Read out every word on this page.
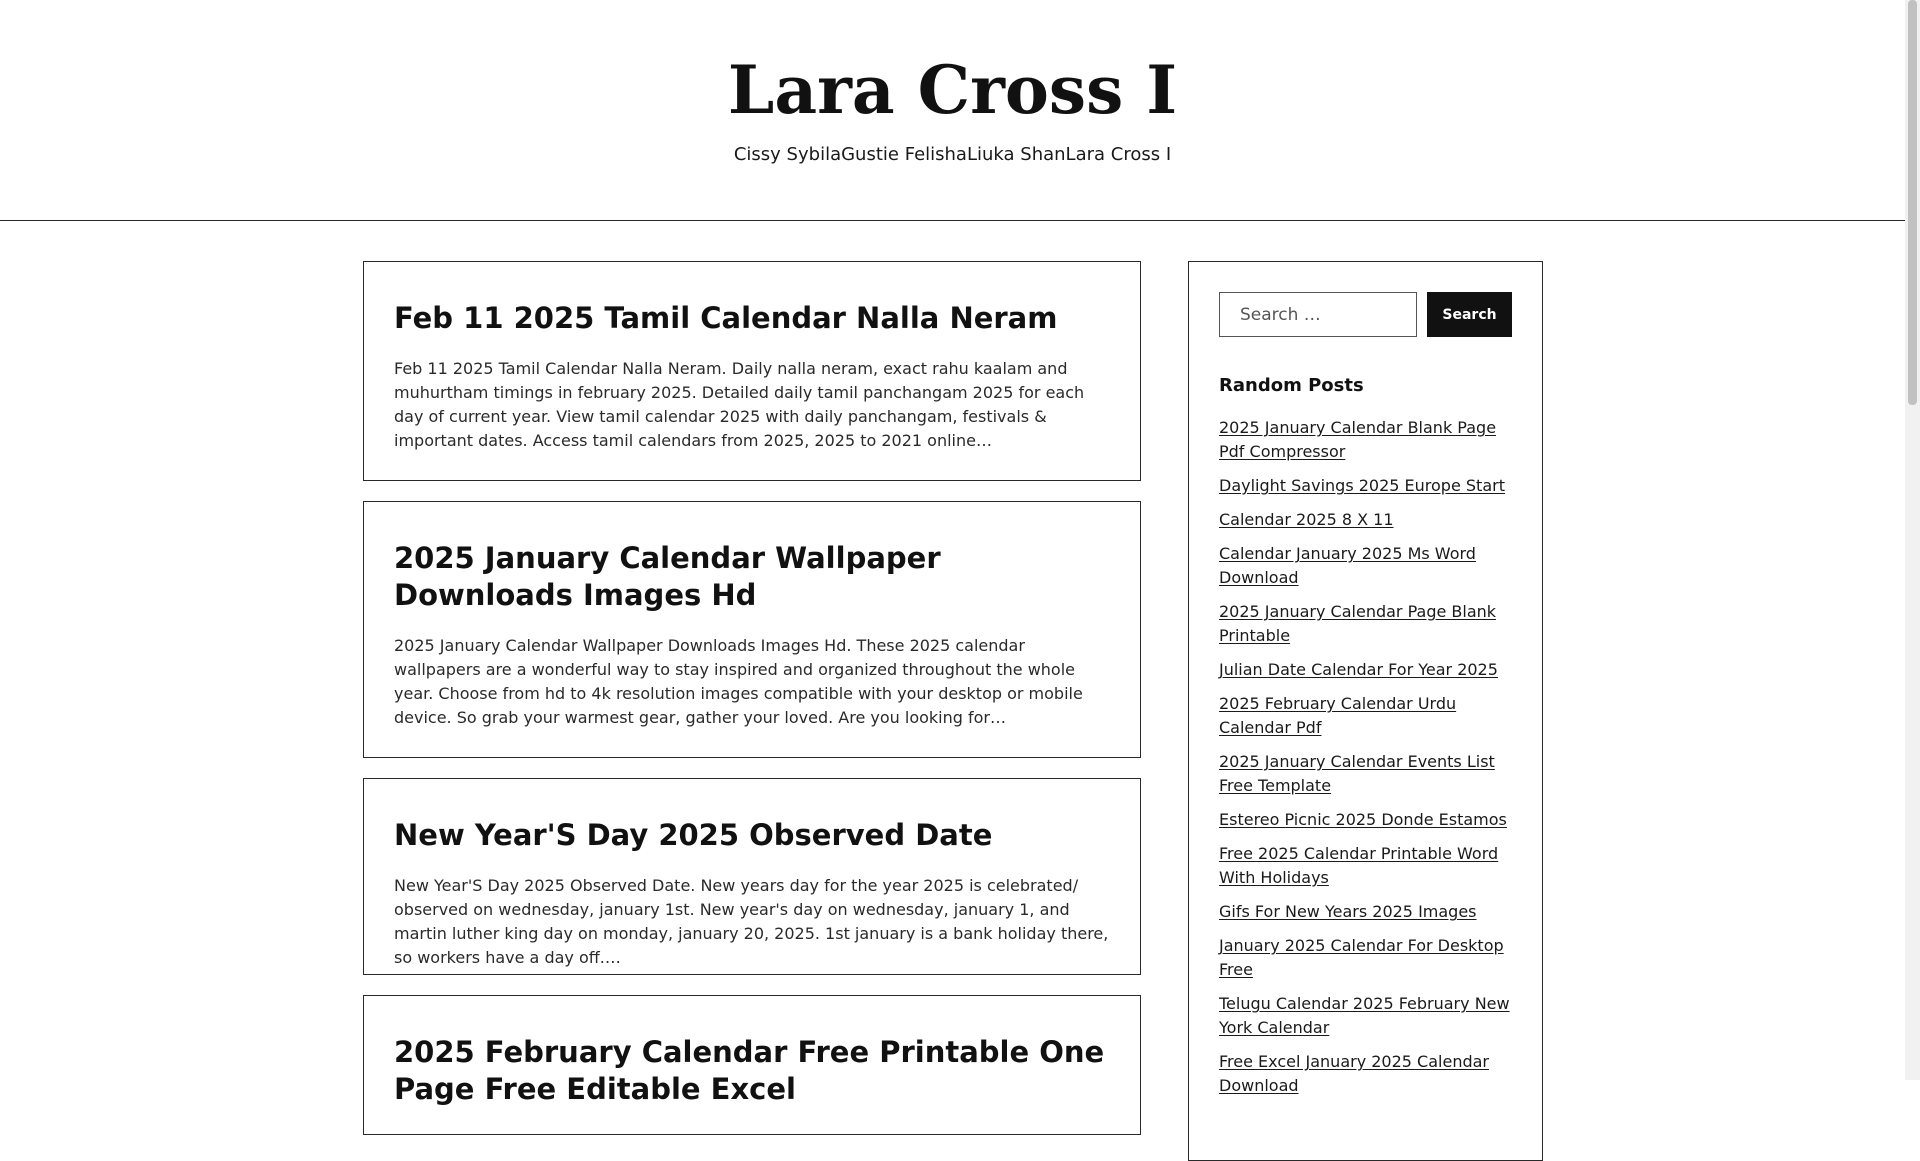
Lara Cross I
Cissy Sybila Gustie Felisha Liuka Shan Lara Cross I
Feb 11 2025 Tamil Calendar Nalla Neram

Feb 11 2025 Tamil Calendar Nalla Neram. Daily nalla neram, exact rahu kaalam and muhurtham timings in february 2025. Detailed daily tamil panchangam 2025 for each day of current year. View tamil calendar 2025 with daily panchangam, festivals & important dates. Access tamil calendars from 2025, 2025 to 2021 online…

2025 January Calendar Wallpaper Downloads Images Hd

2025 January Calendar Wallpaper Downloads Images Hd. These 2025 calendar wallpapers are a wonderful way to stay inspired and organized throughout the whole year. Choose from hd to 4k resolution images compatible with your desktop or mobile device. So grab your warmest gear, gather your loved. Are you looking for…

New Year'S Day 2025 Observed Date

New Year'S Day 2025 Observed Date. New years day for the year 2025 is celebrated/ observed on wednesday, january 1st. New year's day on wednesday, january 1, and martin luther king day on monday, january 20, 2025. 1st january is a bank holiday there, so workers have a day off.…

2025 February Calendar Free Printable One Page Free Editable Excel

Search …
Search
Random Posts
2025 January Calendar Blank Page Pdf Compressor
Daylight Savings 2025 Europe Start
Calendar 2025 8 X 11
Calendar January 2025 Ms Word Download
2025 January Calendar Page Blank Printable
Julian Date Calendar For Year 2025
2025 February Calendar Urdu Calendar Pdf
2025 January Calendar Events List Free Template
Estereo Picnic 2025 Donde Estamos
Free 2025 Calendar Printable Word With Holidays
Gifs For New Years 2025 Images
January 2025 Calendar For Desktop Free
Telugu Calendar 2025 February New York Calendar
Free Excel January 2025 Calendar Download
